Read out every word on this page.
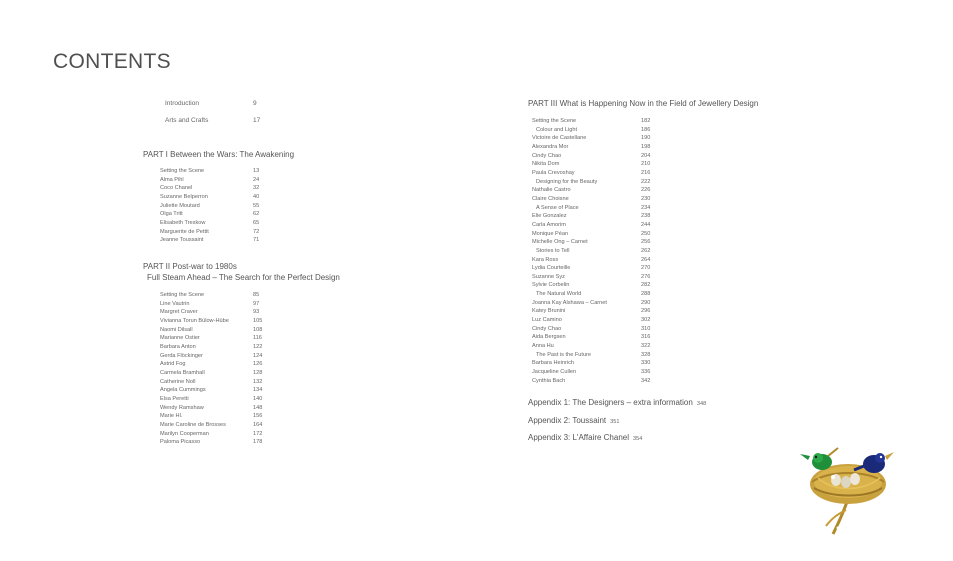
CONTENTS
Introduction	9
Arts and Crafts	17
PART I Between the Wars: The Awakening
Setting the Scene	13
Alma Pihl	24
Coco Chanel	32
Suzanne Belperron	40
Juliette Moutard	55
Olga Tritt	62
Elisabeth Treskow	65
Marguerite de Pettit	72
Jeanne Toussaint	71
PART II Post-war to 1980s
Full Steam Ahead – The Search for the Perfect Design
Setting the Scene	85
Line Vautrin	97
Margret Craver	93
Vivianna Torun Bülow-Hübe	105
Naomi Dilsall	108
Marianne Ostier	116
Barbara Anton	122
Gerda Flöckinger	124
Astrid Fog	126
Carmela Bramhall	128
Catherine Noll	132
Angela Cummings	134
Elsa Peretti	140
Wendy Ramshaw	148
Marie Hl.	156
Marie Caroline de Brosses	164
Marilyn Cooperman	172
Paloma Picasso	178
PART III What is Happening Now in the Field of Jewellery Design
Setting the Scene	182
Colour and Light	186
Victoire de Castellane	190
Alexandra Mor	198
Cindy Chao	204
Nikita Dom	210
Paula Crevoshay	216
Designing for the Beauty	222
Nathalie Castro	226
Claire Choisne	230
A Sense of Place	234
Elie Gonzalez	238
Carla Amorim	244
Monique Péan	250
Michelle Ong – Carnet	256
Stories to Tell	262
Kara Ross	264
Lydia Courteille	270
Suzanne Syz	276
Sylvie Corbelin	282
The Natural World	288
Joanna Kay Alshawa – Carnet	290
Katey Brunini	296
Luz Camino	302
Cindy Chao	310
Aida Bergsen	316
Anna Hu	322
The Past is the Future	328
Barbara Heinrich	330
Jacqueline Cullen	336
Cynthia Bach	342
Appendix 1: The Designers – extra information 348
Appendix 2: Toussaint 351
Appendix 3: L'Affaire Chanel 354
